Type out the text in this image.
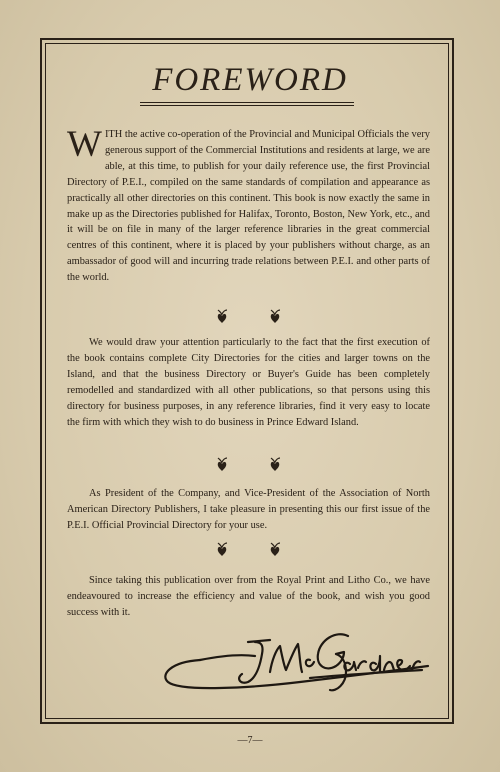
FOREWORD

WITH the active co-operation of the Provincial and Municipal Officials the very generous support of the Commercial Institutions and residents at large, we are able, at this time, to publish for your daily reference use, the first Provincial Directory of P.E.I., compiled on the same standards of compilation and appearance as practically all other directories on this continent. This book is now exactly the same in make up as the Directories published for Halifax, Toronto, Boston, New York, etc., and it will be on file in many of the larger reference libraries in the great commercial centres of this continent, where it is placed by your publishers without charge, as an ambassador of good will and incurring trade relations between P.E.I. and other parts of the world.

We would draw your attention particularly to the fact that the first execution of the book contains complete City Directories for the cities and larger towns on the Island, and that the business Directory or Buyer's Guide has been completely remodelled and standardized with all other publications, so that persons using this directory for business purposes, in any reference libraries, find it very easy to locate the firm with which they wish to do business in Prince Edward Island.

As President of the Company, and Vice-President of the Association of North American Directory Publishers, I take pleasure in presenting this our first issue of the P.E.I. Official Provincial Directory for your use.

Since taking this publication over from the Royal Print and Litho Co., we have endeavoured to increase the efficiency and value of the book, and wish you good success with it.

—7—
